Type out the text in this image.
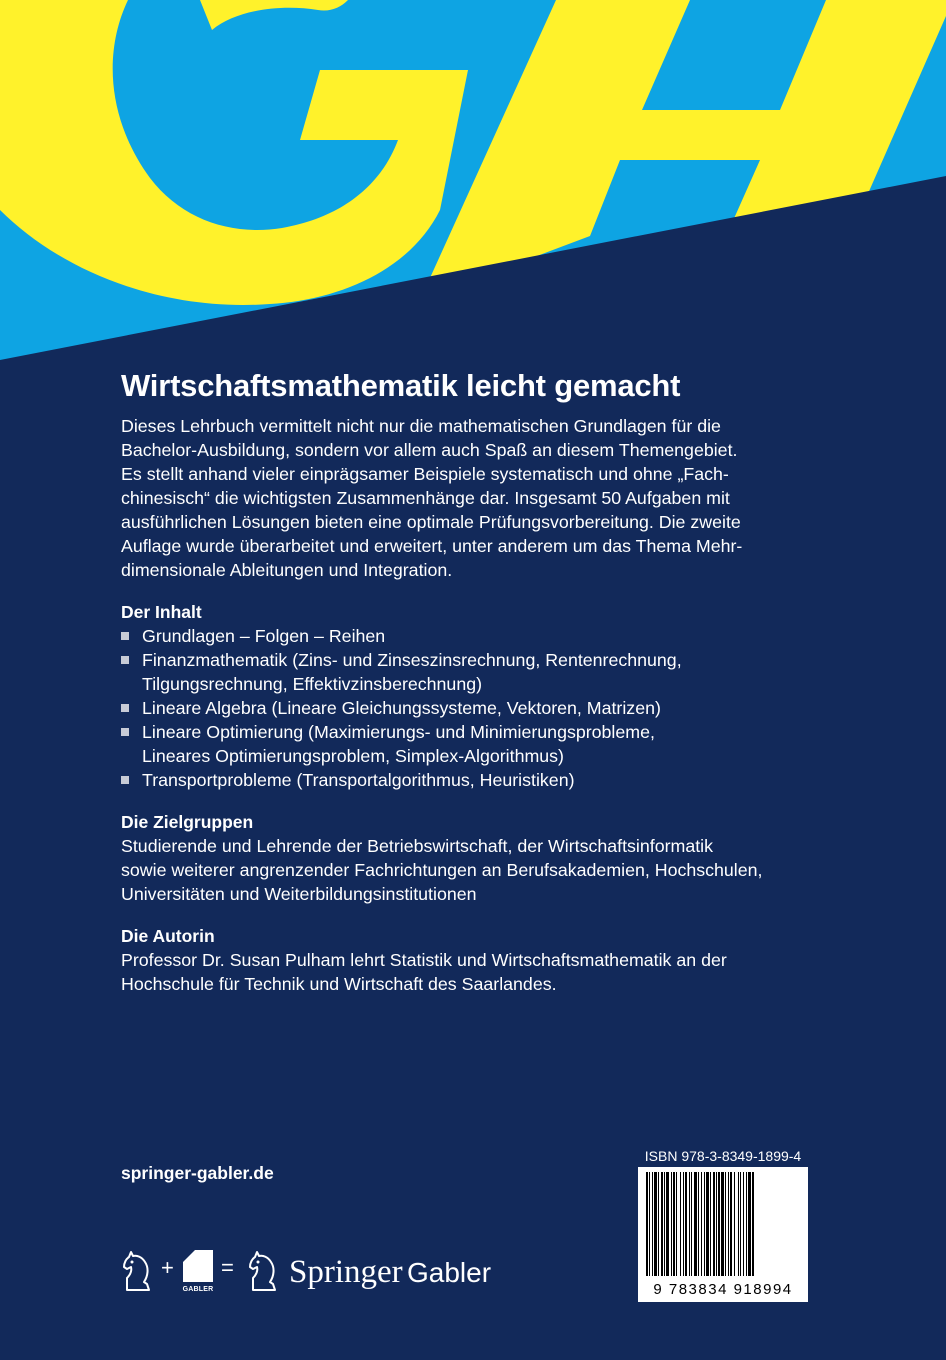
Wirtschaftsmathematik leicht gemacht

Dieses Lehrbuch vermittelt nicht nur die mathematischen Grundlagen für die
Bachelor-Ausbildung, sondern vor allem auch Spaß an diesem Themengebiet.
Es stellt anhand vieler einprägsamer Beispiele systematisch und ohne „Fach-
chinesisch“ die wichtigsten Zusammenhänge dar. Insgesamt 50 Aufgaben mit
ausführlichen Lösungen bieten eine optimale Prüfungsvorbereitung. Die zweite
Auflage wurde überarbeitet und erweitert, unter anderem um das Thema Mehr-
dimensionale Ableitungen und Integration.

Der Inhalt
Grundlagen – Folgen – Reihen
Finanzmathematik (Zins- und Zinseszinsrechnung, Rentenrechnung,
Tilgungsrechnung, Effektivzinsberechnung)
Lineare Algebra (Lineare Gleichungssysteme, Vektoren, Matrizen)
Lineare Optimierung (Maximierungs- und Minimierungsprobleme,
Lineares Optimierungsproblem, Simplex-Algorithmus)
Transportprobleme (Transportalgorithmus, Heuristiken)
Die Zielgruppen

Studierende und Lehrende der Betriebswirtschaft, der Wirtschaftsinformatik
sowie weiterer angrenzender Fachrichtungen an Berufsakademien, Hochschulen,
Universitäten und Weiterbildungsinstitutionen

Die Autorin

Professor Dr. Susan Pulham lehrt Statistik und Wirtschaftsmathematik an der
Hochschule für Technik und Wirtschaft des Saarlandes.

springer-gabler.de
ISBN 978-3-8349-1899-4
9 783834 918994
+
GABLER
= Springer Gabler
